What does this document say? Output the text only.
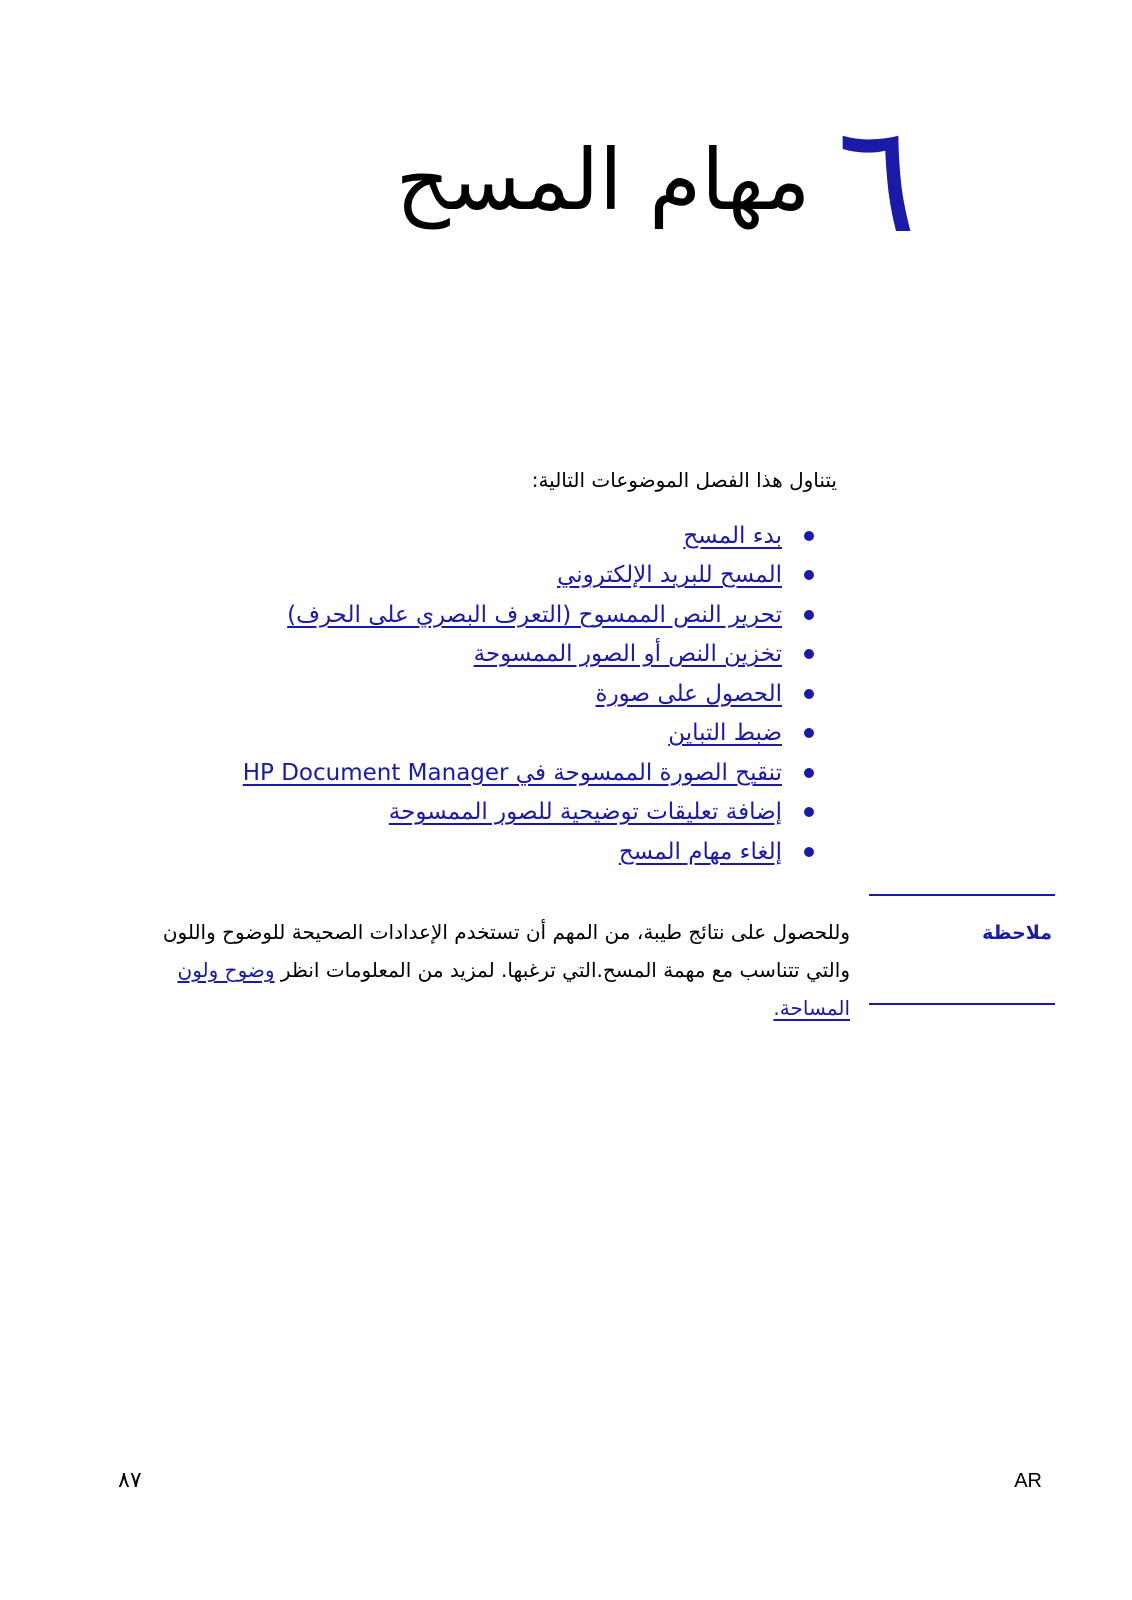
٦
مهام المسح
يتناول هذا الفصل الموضوعات التالية:
بدء المسح
المسح للبريد الإلكتروني
تحرير النص الممسوح (التعرف البصري على الحرف)
تخزين النص أو الصور الممسوحة
الحصول على صورة
ضبط التباين
تنقيح الصورة الممسوحة في HP Document Manager
إضافة تعليقات توضيحية للصور الممسوحة
إلغاء مهام المسح
ملاحظة
وللحصول على نتائج طيبة، من المهم أن تستخدم الإعدادات الصحيحة للوضوح واللون والتي تتناسب مع مهمة المسح.التي ترغبها. لمزيد من المعلومات انظر وضوح ولون المساحة.
٨٧	AR
